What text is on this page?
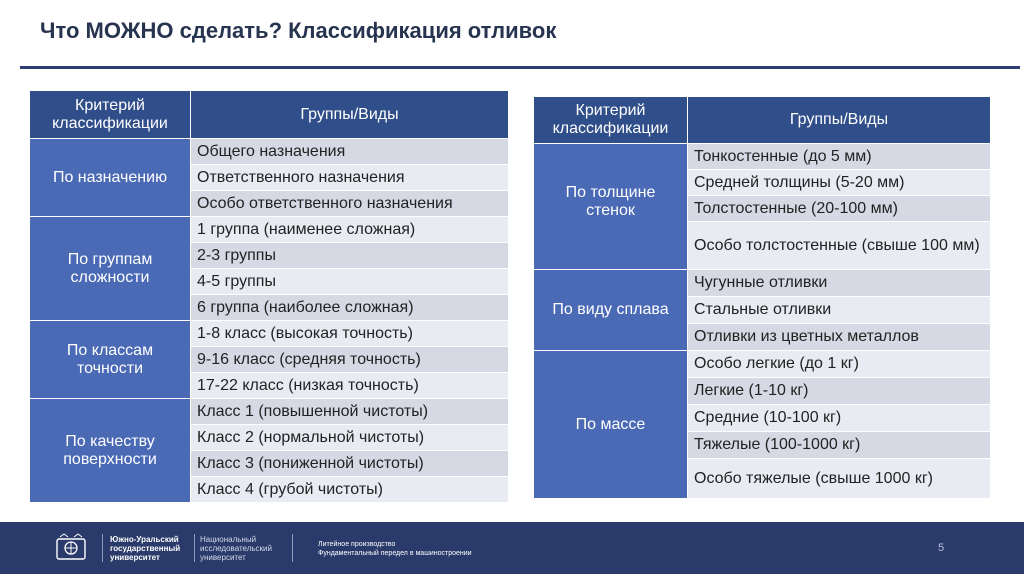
Что МОЖНО сделать? Классификация отливок
Критерий классификации	Группы/Виды
По назначению	Общего назначения
	Ответственного назначения
	Особо ответственного назначения
По группам сложности	1 группа (наименее сложная)
	2-3 группы
	4-5 группы
	6 группа (наиболее сложная)
По классам точности	1-8 класс (высокая точность)
	9-16 класс (средняя точность)
	17-22 класс (низкая точность)
По качеству поверхности	Класс 1 (повышенной чистоты)
	Класс 2 (нормальной чистоты)
	Класс 3 (пониженной чистоты)
	Класс 4 (грубой чистоты)
Критерий классификации	Группы/Виды
По толщине стенок	Тонкостенные (до 5 мм)
	Средней толщины (5-20 мм)
	Толстостенные (20-100 мм)
	Особо толстостенные (свыше 100 мм)

По виду сплава	Чугунные отливки
	Стальные отливки
	Отливки из цветных металлов
По массе	Особо легкие (до 1 кг)
	Легкие (1-10 кг)
	Средние (10-100 кг)
	Тяжелые (100-1000 кг)
	Особо тяжелые (свыше 1000 кг)
Южно-Уральский государственный университет
Национальный исследовательский университет
Литейное производство
Фундаментальный передел в машиностроении	5
